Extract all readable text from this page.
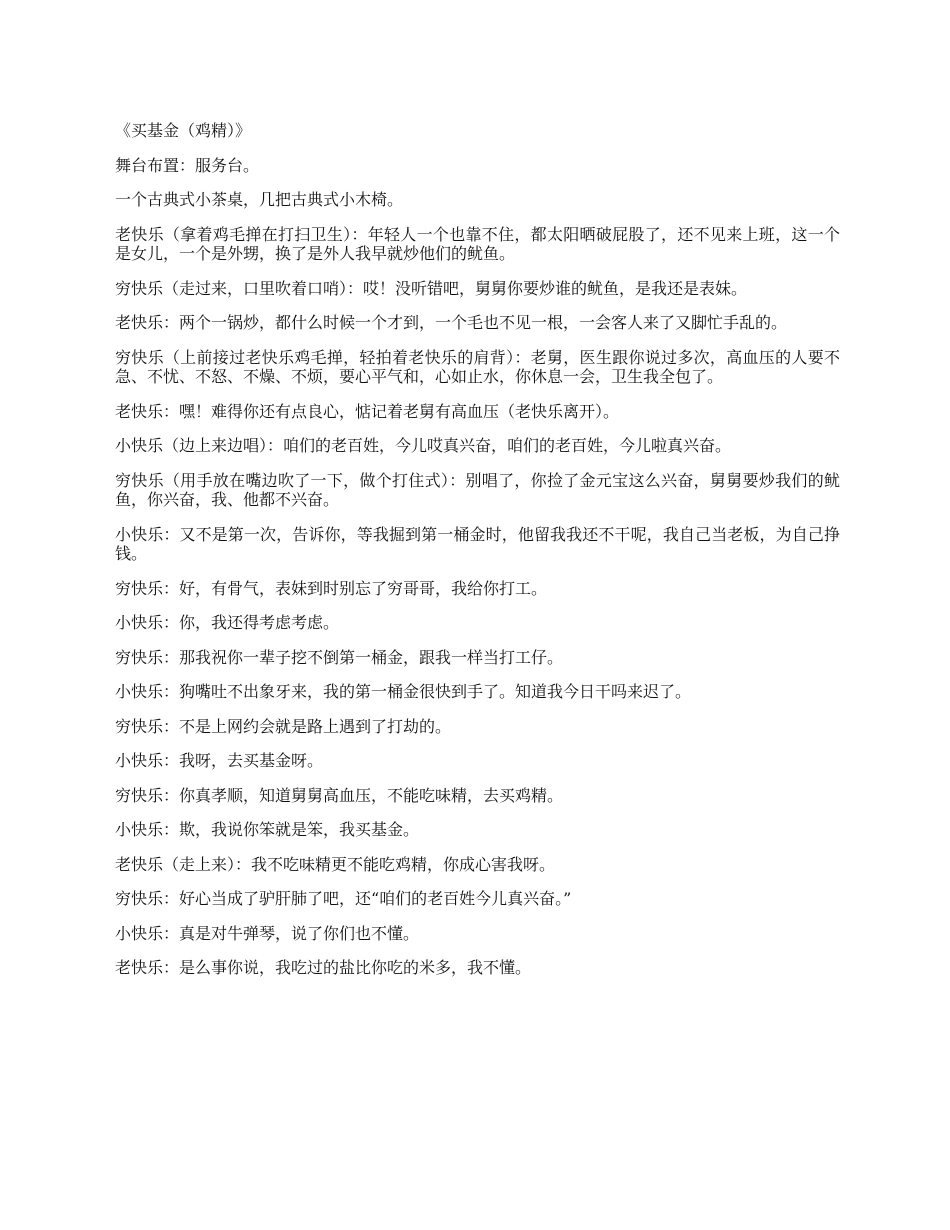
《买基金（鸡精）》

舞台布置：服务台。

一个古典式小茶桌，几把古典式小木椅。

老快乐（拿着鸡毛掸在打扫卫生）：年轻人一个也靠不住，都太阳晒破屁股了，还不见来上班，这一个是女儿，一个是外甥，换了是外人我早就炒他们的鱿鱼。

穷快乐（走过来，口里吹着口哨）：哎！没听错吧，舅舅你要炒谁的鱿鱼，是我还是表妹。

老快乐：两个一锅炒，都什么时候一个才到，一个毛也不见一根，一会客人来了又脚忙手乱的。

穷快乐（上前接过老快乐鸡毛掸，轻拍着老快乐的肩背）：老舅，医生跟你说过多次，高血压的人要不急、不忧、不怒、不燥、不烦，要心平气和，心如止水，你休息一会，卫生我全包了。

老快乐：嘿！难得你还有点良心，惦记着老舅有高血压（老快乐离开）。

小快乐（边上来边唱）：咱们的老百姓，今儿哎真兴奋，咱们的老百姓，今儿啦真兴奋。

穷快乐（用手放在嘴边吹了一下，做个打住式）：别唱了，你捡了金元宝这么兴奋，舅舅要炒我们的鱿鱼，你兴奋，我、他都不兴奋。

小快乐：又不是第一次，告诉你，等我掘到第一桶金时，他留我我还不干呢，我自己当老板，为自己挣钱。

穷快乐：好，有骨气，表妹到时别忘了穷哥哥，我给你打工。

小快乐：你，我还得考虑考虑。

穷快乐：那我祝你一辈子挖不倒第一桶金，跟我一样当打工仔。

小快乐：狗嘴吐不出象牙来，我的第一桶金很快到手了。知道我今日干吗来迟了。

穷快乐：不是上网约会就是路上遇到了打劫的。

小快乐：我呀，去买基金呀。

穷快乐：你真孝顺，知道舅舅高血压，不能吃味精，去买鸡精。

小快乐：欺，我说你笨就是笨，我买基金。

老快乐（走上来）：我不吃味精更不能吃鸡精，你成心害我呀。

穷快乐：好心当成了驴肝肺了吧，还“咱们的老百姓今儿真兴奋。”

小快乐：真是对牛弹琴，说了你们也不懂。

老快乐：是么事你说，我吃过的盐比你吃的米多，我不懂。
